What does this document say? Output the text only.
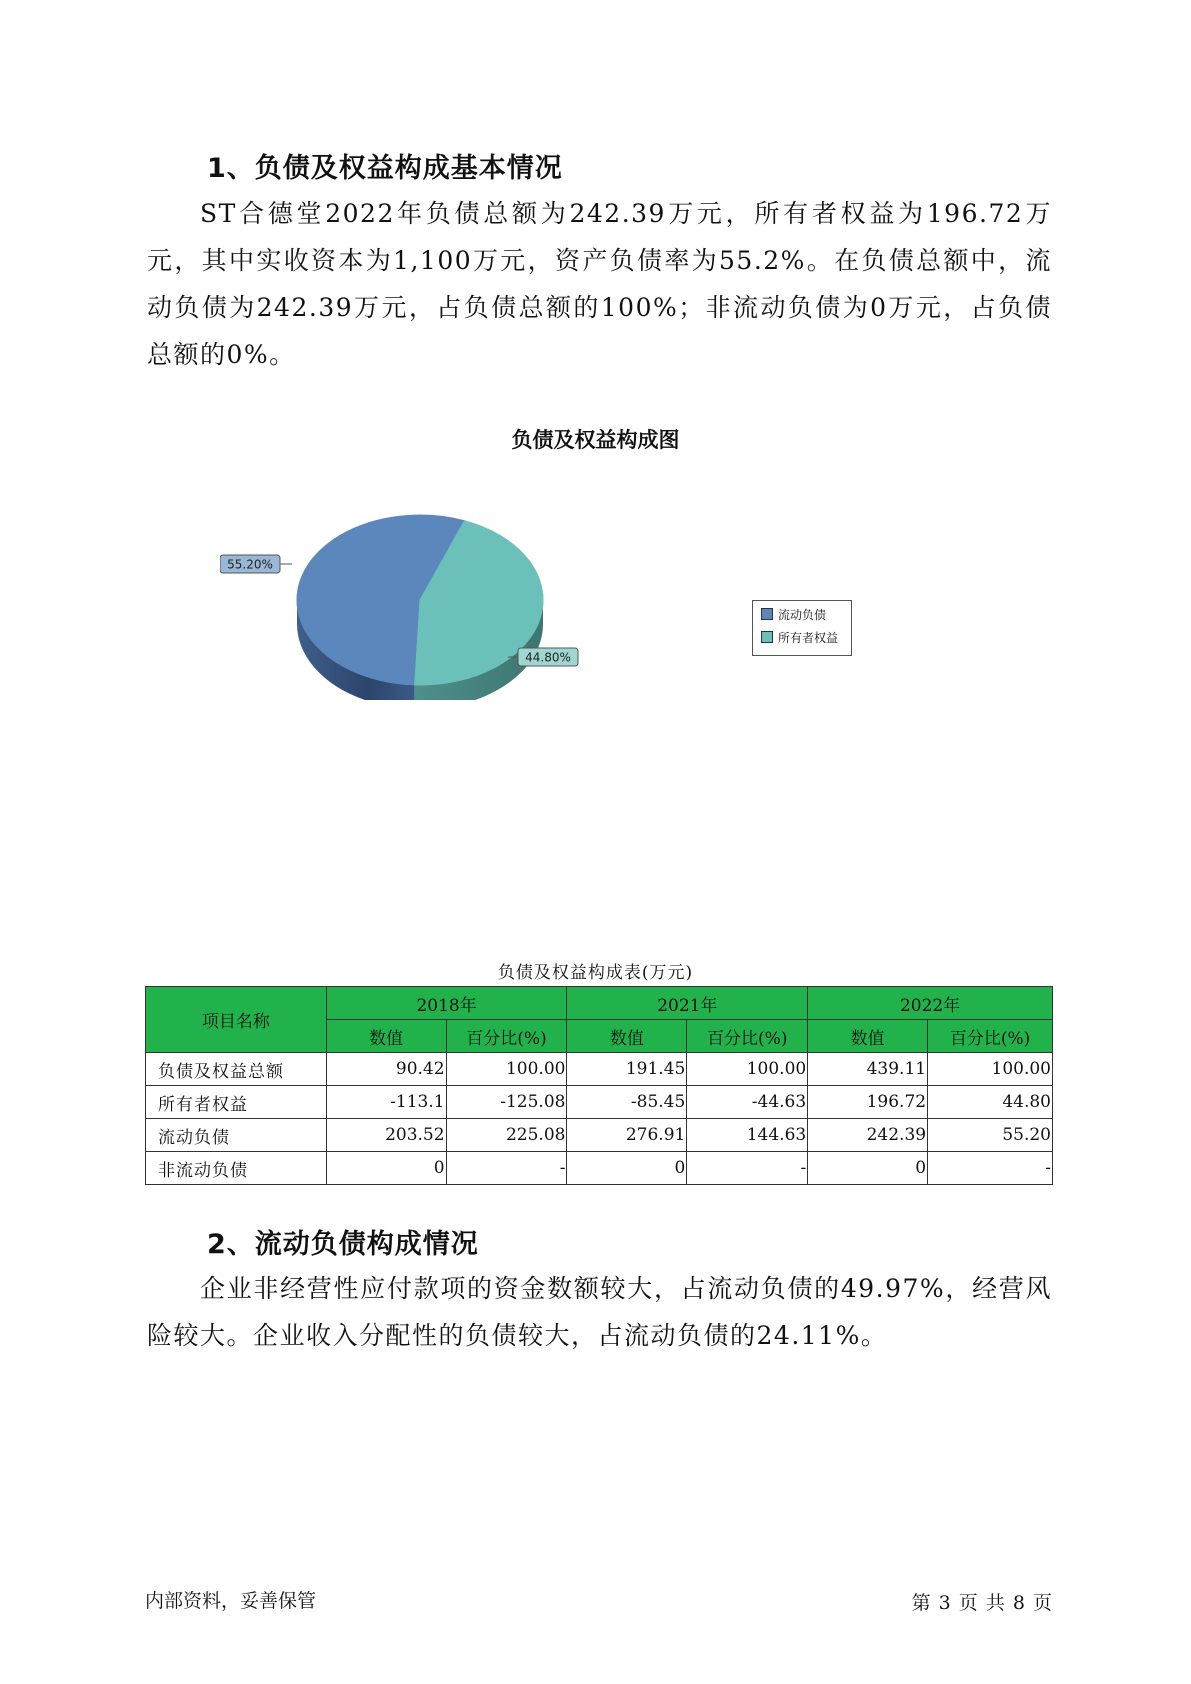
1、负债及权益构成基本情况
ST合德堂2022年负债总额为242.39万元，所有者权益为196.72万元，其中实收资本为1,100万元，资产负债率为55.2%。在负债总额中，流动负债为242.39万元，占负债总额的100%；非流动负债为0万元，占负债总额的0%。
负债及权益构成图
55.20%
44.80%
流动负债
所有者权益
负债及权益构成表(万元)
项目名称	2018年		2021年		2022年	
	数值	百分比(%)	数值	百分比(%)	数值	百分比(%)
负债及权益总额	90.42	100.00	191.45	100.00	439.11	100.00
所有者权益	-113.1	-125.08	-85.45	-44.63	196.72	44.80
流动负债	203.52	225.08	276.91	144.63	242.39	55.20
非流动负债	0	-	0	-	0	-
2、流动负债构成情况
企业非经营性应付款项的资金数额较大，占流动负债的49.97%，经营风险较大。企业收入分配性的负债较大，占流动负债的24.11%。
内部资料，妥善保管	第 3 页 共 8 页
